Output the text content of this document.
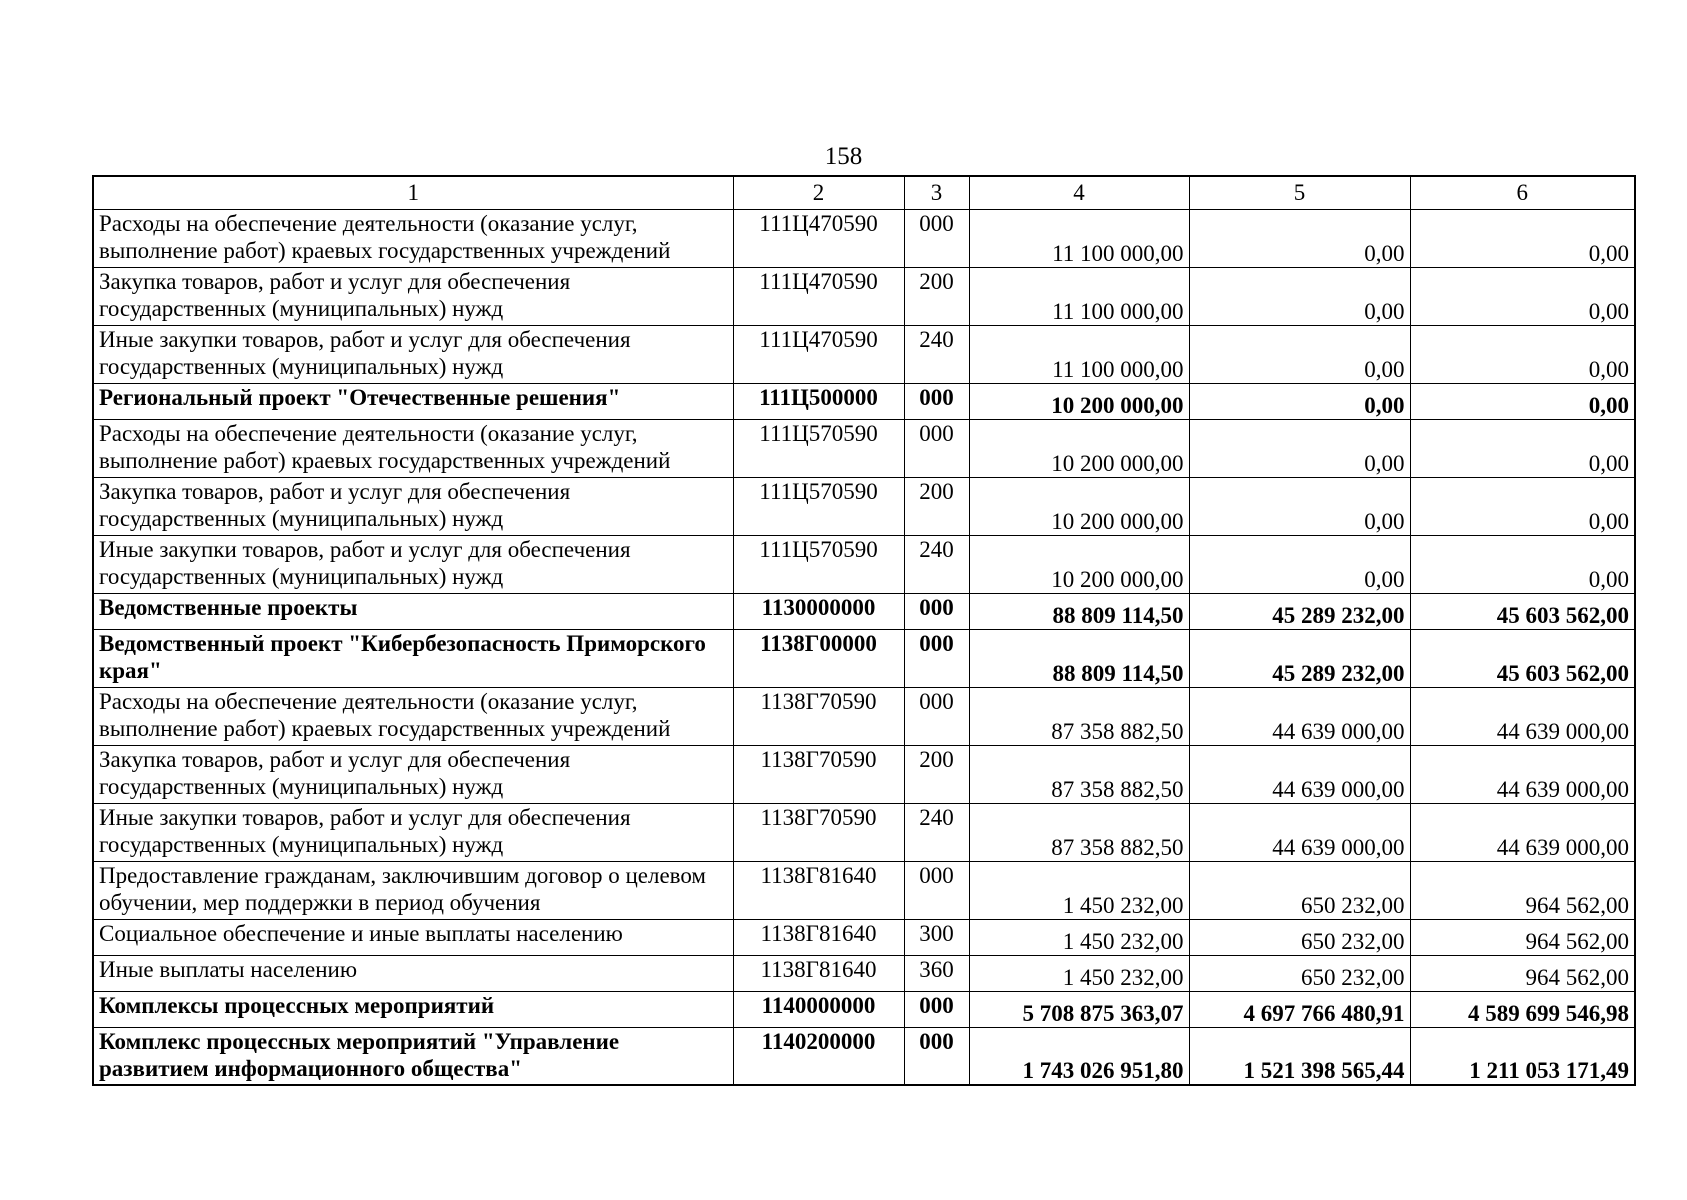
158
1	2	3	4	5	6
Расходы на обеспечение деятельности (оказание услуг, выполнение работ) краевых государственных учреждений	111Ц470590	000	11 100 000,00	0,00	0,00
Закупка товаров, работ и услуг для обеспечения государственных (муниципальных) нужд	111Ц470590	200	11 100 000,00	0,00	0,00
Иные закупки товаров, работ и услуг для обеспечения государственных (муниципальных) нужд	111Ц470590	240	11 100 000,00	0,00	0,00
Региональный проект "Отечественные решения"	111Ц500000	000	10 200 000,00	0,00	0,00
Расходы на обеспечение деятельности (оказание услуг, выполнение работ) краевых государственных учреждений	111Ц570590	000	10 200 000,00	0,00	0,00
Закупка товаров, работ и услуг для обеспечения государственных (муниципальных) нужд	111Ц570590	200	10 200 000,00	0,00	0,00
Иные закупки товаров, работ и услуг для обеспечения государственных (муниципальных) нужд	111Ц570590	240	10 200 000,00	0,00	0,00
Ведомственные проекты	1130000000	000	88 809 114,50	45 289 232,00	45 603 562,00
Ведомственный проект "Кибербезопасность Приморского края"	1138Г00000	000	88 809 114,50	45 289 232,00	45 603 562,00
Расходы на обеспечение деятельности (оказание услуг, выполнение работ) краевых государственных учреждений	1138Г70590	000	87 358 882,50	44 639 000,00	44 639 000,00
Закупка товаров, работ и услуг для обеспечения государственных (муниципальных) нужд	1138Г70590	200	87 358 882,50	44 639 000,00	44 639 000,00
Иные закупки товаров, работ и услуг для обеспечения государственных (муниципальных) нужд	1138Г70590	240	87 358 882,50	44 639 000,00	44 639 000,00
Предоставление гражданам, заключившим договор о целевом обучении, мер поддержки в период обучения	1138Г81640	000	1 450 232,00	650 232,00	964 562,00
Социальное обеспечение и иные выплаты населению	1138Г81640	300	1 450 232,00	650 232,00	964 562,00
Иные выплаты населению	1138Г81640	360	1 450 232,00	650 232,00	964 562,00
Комплексы процессных мероприятий	1140000000	000	5 708 875 363,07	4 697 766 480,91	4 589 699 546,98
Комплекс процессных мероприятий "Управление развитием информационного общества"	1140200000	000	1 743 026 951,80	1 521 398 565,44	1 211 053 171,49
